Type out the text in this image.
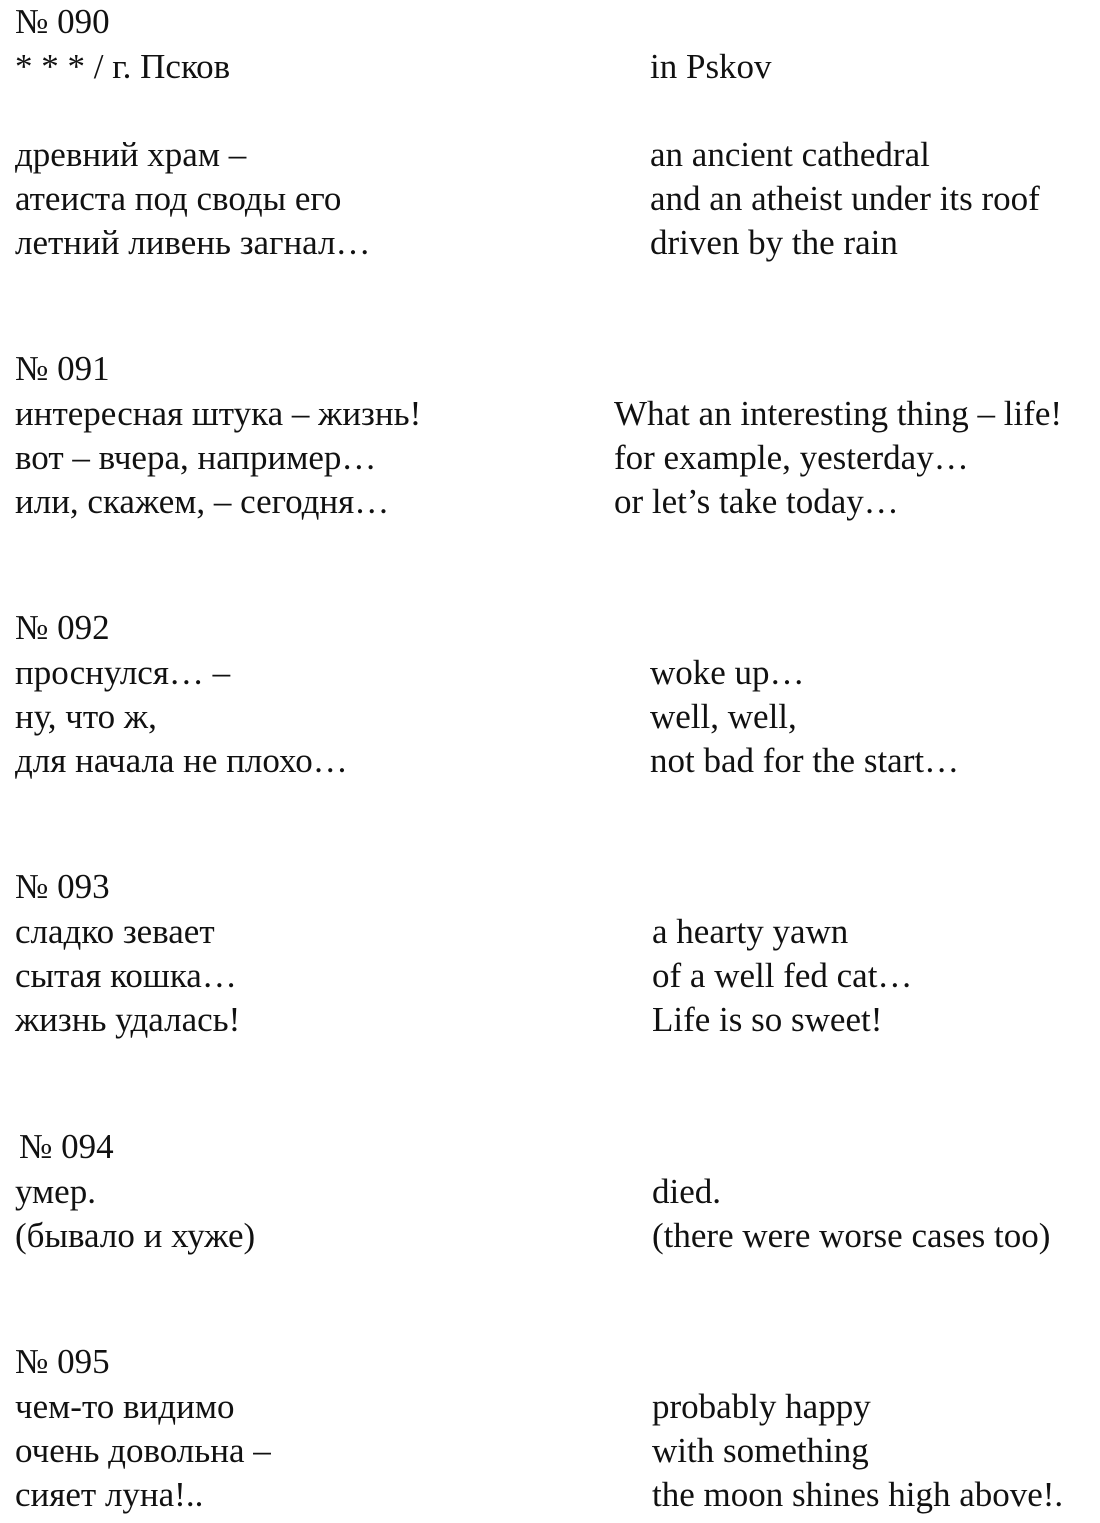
№ 090
* * * / г. Псков
древний храм –
атеиста под своды его
летний ливень загнал…
in Pskov
an ancient cathedral
and an atheist under its roof
driven by the rain
№ 091
интересная штука – жизнь!
вот – вчера, например…
или, скажем, – сегодня…
What an interesting thing – life!
for example, yesterday…
or let’s take today…
№ 092
проснулся… –
ну, что ж,
для начала не плохо…
woke up…
well, well,
not bad for the start…
№ 093
сладко зевает
сытая кошка…
жизнь удалась!
a hearty yawn
of a well fed cat…
Life is so sweet!
№ 094
умер.
(бывало и хуже)
died.
(there were worse cases too)
№ 095
чем-то видимо
очень довольна –
сияет луна!..
probably happy
with something
the moon shines high above!.
